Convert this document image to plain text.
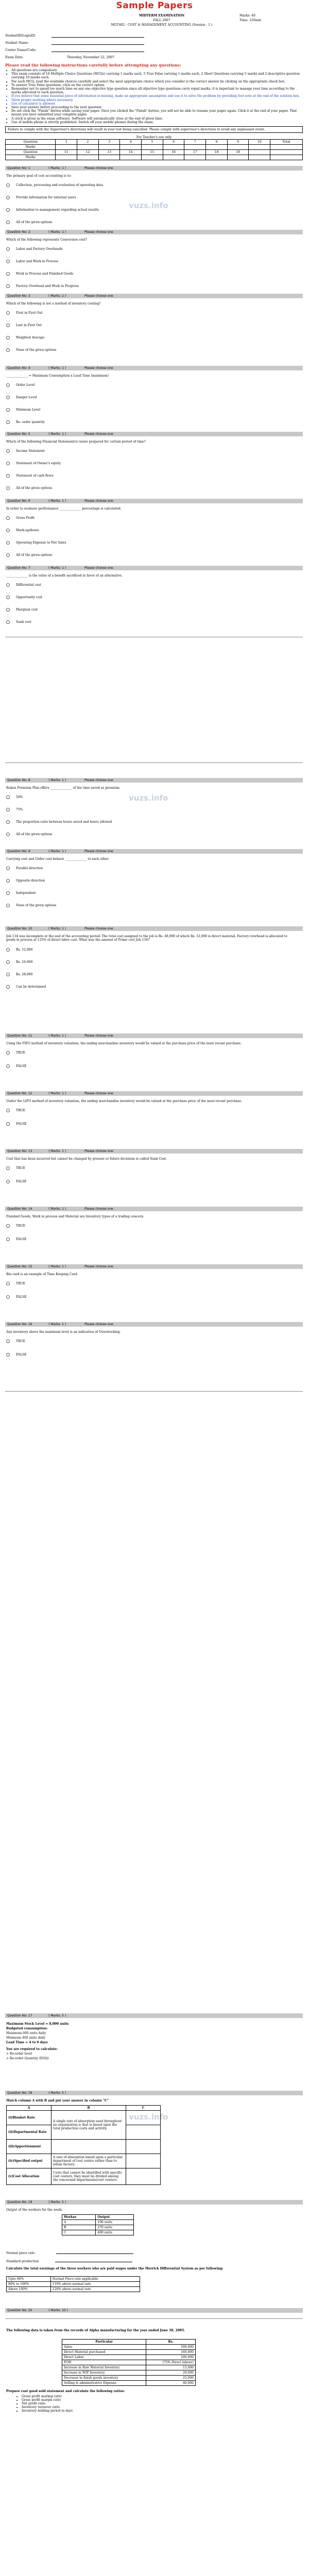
Sample Papers
	MIDTERM EXAMINATION	Marks: 40
	FALL 2007	Time: 120min
	MGT402 - COST & MANAGEMENT ACCOUNTING (Session - 1 )	
StudentID/LoginID:
Student Name:
Center Name/Code:
Exam Date:	Thursday, November 22, 2007
Please read the following instructions carefully before attempting any questions:
• All questions are compulsory.
• This exam consists of 16 Multiple Choice Questions (MCQs) carrying 1 marks each, 5 True False carrying 1 marks each, 2 Short Questions carrying 5 marks and 2 descriptive question carrying 10 marks each.
• For each MCQ, read the available choices carefully and select the most appropriate choice which you consider is the correct answer by clicking on the appropriate check box.
• To answer True False questions, click on the correct option.
• Remember not to spend too much time on any one objective type question since all objective type questions carry equal marks, it is important to manage your time according to the marks allocated to each question.
• If you believe that some essential piece of information is missing, make an appropriate assumption and use it to solve the problem by providing foot note at the end of the solution box.
• Show proper working where necessary.
• Use of calculator is allowed.
• Save your answer before proceeding to the next question.
• Do not click the "Finish" button while saving your paper. Once you clicked the "Finish" button, you will not be able to resume your paper again. Click it at the end of your paper. That means you have submitted your complete paper.
• A clock is given in the exam software. Software will automatically close at the end of given time.
• Use of mobile phone is strictly prohibited. Switch off your mobile phones during the exam.
Failure to comply with the Supervisor's directions will result in your test being cancelled. Please comply with supervisor's directions to avoid any unpleasant event.
For Teacher's use only
Question	1	2	3	4	5	6	7	8	9	10	Total
Marks											
Question	11	12	13	14	15	16	17	18	19		
Marks											
Question No: 1	( Marks: 1 )	Please choose one
The primary goal of cost accounting is to:
Collection, processing and evaluation of operating data.
Provide information for external users
Information to management regarding actual results
All of the given options
Question No: 2	( Marks: 1 )	Please choose one
Which of the following represents Conversion cost?
Labor and Factory Overheads
Labor and Work in Process
Work in Process and Finished Goods
Factory Overhead and Work in Progress
Question No: 3	( Marks: 1 )	Please choose one
Which of the following is not a method of inventory costing?
First in First Out
Last in First Out
Weighted Average
None of the given options
Question No: 4	( Marks: 1 )	Please choose one
______________ = Maximum Consumption x Lead Time (maximum)
Order Level
Danger Level
Minimum Level
Re- order quantity
Question No: 5	( Marks: 1 )	Please choose one
Which of the following Financial Statement(s) is/are prepared for certain period of time?
Income Statement
Statement of Owner's equity
Statement of cash flows
All of the given options
Question No: 6	( Marks: 1 )	Please choose one
In order to evaluate performance ______________ percentage is calculated.
Gross Profit
Mark-up/down
Operating Expense to Net Sales
All of the given options
Question No: 7	( Marks: 1 )	Please choose one
______________ is the value of a benefit sacrificed in favor of an alternative.
Differential cost
Opportunity cost
Marginal cost
Sunk cost
Question No: 8	( Marks: 1 )	Please choose one
Ruken Premium Plan offers ______________ of the time saved as premium.
50%
75%
The proportion ratio between hours saved and hours allowed
All of the given options
Question No: 9	( Marks: 1 )	Please choose one
Carrying cost and Order cost behave ______________ to each other.
Parallel direction
Opposite direction
Independent
None of the given options
Question No: 10	( Marks: 1 )	Please choose one
Job 134 was incomplete at the end of the accounting period. The total cost assigned to the job is Rs. 48,000 of which Rs. 12,000 is direct material. Factory overhead is allocated to goods in process at 125% of direct labor cost. What was the amount of Prime cost Job 134?
Rs. 12,000
Rs. 16,000
Rs. 28,000
Can be determined
Question No: 11	( Marks: 1 )	Please choose one
Using the FIFO method of inventory valuation, the ending merchandise inventory would be valued at the purchase price of the most recent purchase.
TRUE
FALSE
Question No: 12	( Marks: 1 )	Please choose one
Under the LIFO method of inventory valuation, the ending merchandise inventory would be valued at the purchase price of the most recent purchase.
TRUE
FALSE
Question No: 13	( Marks: 1 )	Please choose one
Cost that has been incurred but cannot be changed by present or future decisions is called Sunk Cost.
TRUE
FALSE
Question No: 14	( Marks: 1 )	Please choose one
Finished Goods, Work in process and Material are Inventory types of a trading concern.
TRUE
FALSE
Question No: 15	( Marks: 1 )	Please choose one
Bin card is an example of Time Keeping Card.
TRUE
FALSE
Question No: 16	( Marks: 1 )	Please choose one
Any inventory above the maximum level is an indication of Overstocking.
TRUE
FALSE
vuzs.info
vuzs.info
vuzs.info
Question No: 17	( Marks: 5 )
Maximum Stock Level = 8,000 units
Budgeted consumption:
Maximum 600 units daily
Minimum 400 units daily
Lead Time = 4 to 6 days
You are required to calculate:
> Re-order level
> Re-order Quantity (EOQ)
Question No: 18	( Marks: 5 )
Match column A with B and put your answer in column "C"
A	B	C
(i)Blanket Rate	A single rate of absorption used throughout an organization is that is based upon the total production costs and activity.	
(ii)Departmental Rate		
(iii)Apportionment		
(iv)Specified output	A rate of absorption based upon a particular department of cost centre rather than to whole factory.	
(v)Cost Allocation	Costs that cannot be identified with specific cost centers, they must be divided among the concerned departments/cost centers.	
Question No: 19	( Marks: 5 )
Output of the workers for the week:
Worker	Output
A	190 units
B	270 units
C	400 units
Normal piece rate
Standard production
Calculate the total earnings of the three workers who are paid wages under the Merrick Differential System as per following:
Upto 80%	Normal Piece rate applicable
80% to 100%	110% above normal rate
Above 100%	120% above normal rate
Question No: 20	( Marks: 10 )
The following data is taken from the records of Alpha manufacturing for the year ended June 30, 2005.
Particular	Rs.
Sales	500,000
Direct Material purchased	160,000
Direct Labor	100,000
FOH	(75% Direct labour)
Increase in Raw Material Inventory	15,000
Increase in WIP Inventory	20,000
Decrease in finish goods inventory	25,000
Selling & administrative Expense	40,000
Prepare cost good sold statement and calculate the following ratios:
• Gross profit markup ratio
• Gross profit margin ratio
• Net profit ratio
• Inventory turnover ratio
• Inventory holding period in days
